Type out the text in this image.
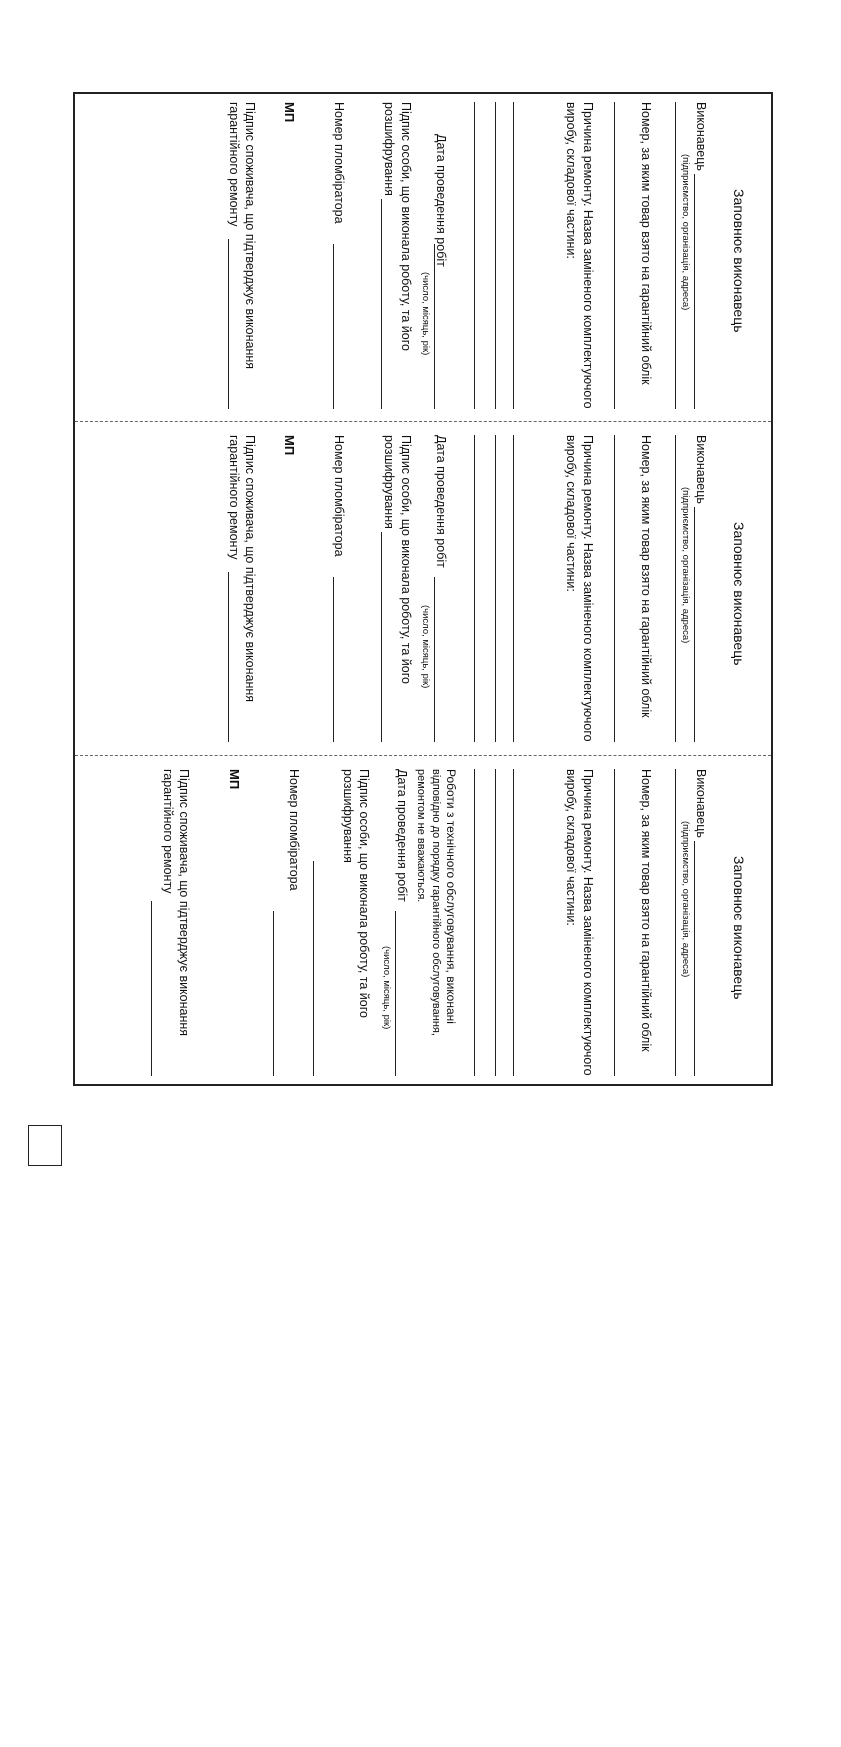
Заповнює виконавець
Виконавець
(підприємство, організація, адреса)
Номер, за яким товар взято на гарантійний облік
Причина ремонту. Назва заміненого комплектуючого
виробу, складової частини:
Дата проведення робіт
(число, місяць, рік)
Підпис особи, що виконала роботу, та його
розшифрування
Номер пломбіратора
МП
Підпис споживача, що підтверджує виконання
гарантійного ремонту
Заповнює виконавець
Виконавець
(підприємство, організація, адреса)
Номер, за яким товар взято на гарантійний облік
Причина ремонту. Назва заміненого комплектуючого
виробу, складової частини:
Дата проведення робіт
(число, місяць, рік)
Підпис особи, що виконала роботу, та його
розшифрування
Номер пломбіратора
МП
Підпис споживача, що підтверджує виконання
гарантійного ремонту
Заповнює виконавець
Виконавець
(підприємство, організація, адреса)
Номер, за яким товар взято на гарантійний облік
Причина ремонту. Назва заміненого комплектуючого
виробу, складової частини:
Роботи з технічного обслуговування, виконані
відповідно до порядку гарантійного обслуговування,
ремонтом не вважаються.
Дата проведення робіт
(число, місяць, рік)
Підпис особи, що виконала роботу, та його
розшифрування
Номер пломбіратора
МП
Підпис споживача, що підтверджує виконання
гарантійного ремонту
